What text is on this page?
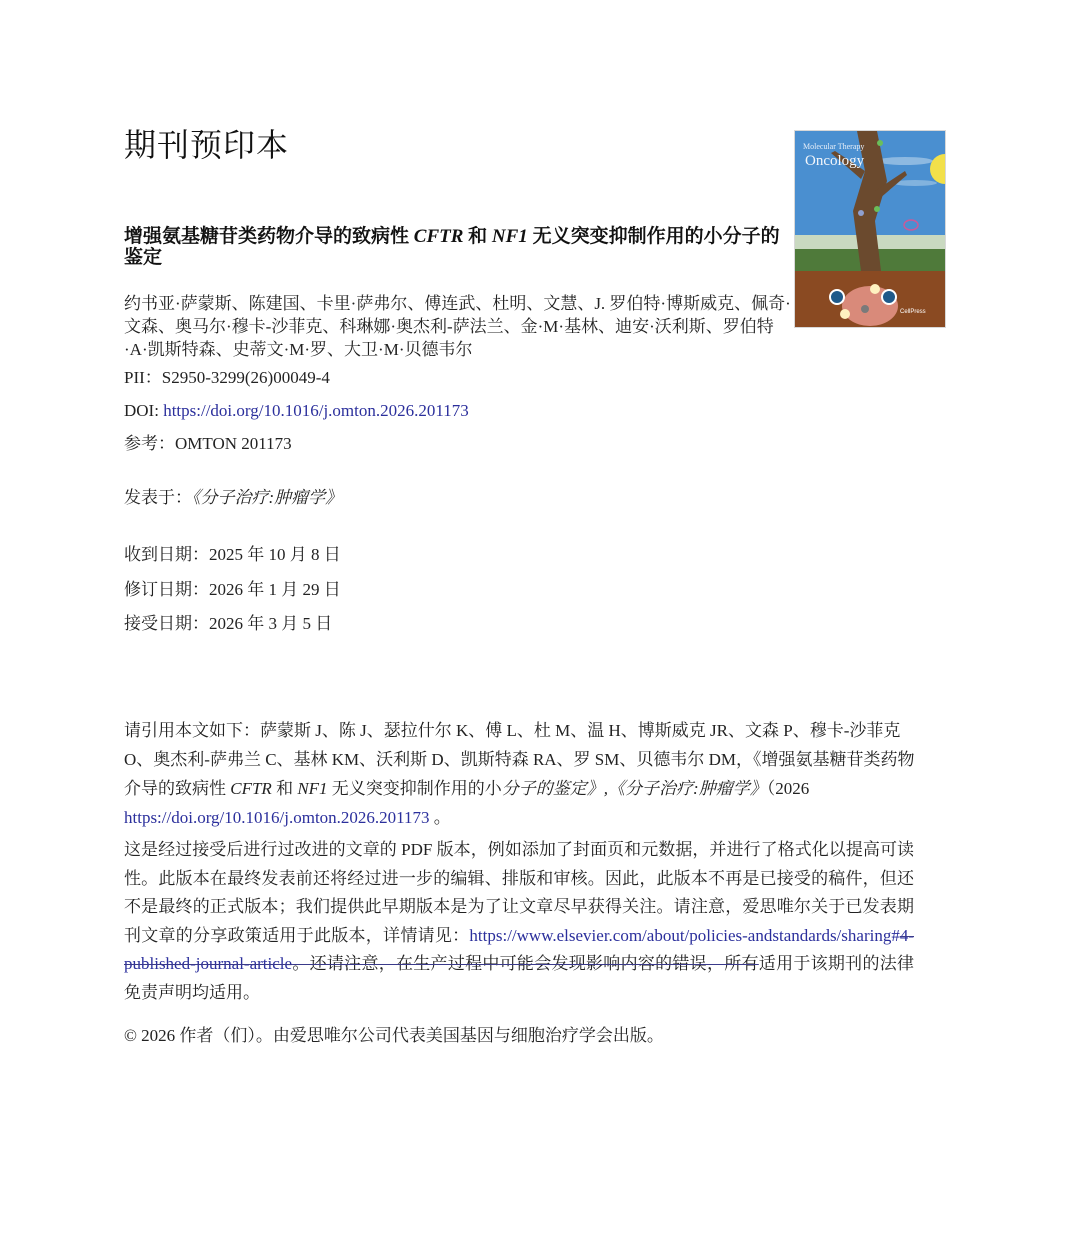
期刊预印本	Molecular Therapy
Oncology
CellPress
增强氨基糖苷类药物介导的致病性 CFTR 和 NF1 无义突变抑制作用的小分子的鉴定
约书亚·萨蒙斯、陈建国、卡里·萨弗尔、傅连武、杜明、文慧、J. 罗伯特·博斯威克、佩奇·文森、奥马尔·穆卡-沙菲克、科琳娜·奥杰利-萨法兰、金·M·基林、迪安·沃利斯、罗伯特·A·凯斯特森、史蒂文·M·罗、大卫·M·贝德韦尔
PII：S2950-3299(26)00049-4
DOI: https://doi.org/10.1016/j.omton.2026.201173
参考：OMTON 201173
发表于：《分子治疗:肿瘤学》
收到日期：2025 年 10 月 8 日
修订日期：2026 年 1 月 29 日
接受日期：2026 年 3 月 5 日
请引用本文如下：萨蒙斯 J、陈 J、瑟拉什尔 K、傅 L、杜 M、温 H、博斯威克 JR、文森 P、穆卡-沙菲克 O、奥杰利-萨弗兰 C、基林 KM、沃利斯 D、凯斯特森 RA、罗 SM、贝德韦尔 DM，《增强氨基糖苷类药物介导的致病性 CFTR 和 NF1 无义突变抑制作用的小分子的鉴定》,《分子治疗:肿瘤学》（2026 https://doi.org/10.1016/j.omton.2026.201173 。
这是经过接受后进行过改进的文章的 PDF 版本，例如添加了封面页和元数据，并进行了格式化以提高可读性。此版本在最终发表前还将经过进一步的编辑、排版和审核。因此，此版本不再是已接受的稿件，但还不是最终的正式版本；我们提供此早期版本是为了让文章尽早获得关注。请注意，爱思唯尔关于已发表期刊文章的分享政策适用于此版本，详情请见：https://www.elsevier.com/about/policies-andstandards/sharing#4-published-journal-article。还请注意，在生产过程中可能会发现影响内容的错误，所有适用于该期刊的法律免责声明均适用。
© 2026 作者（们）。由爱思唯尔公司代表美国基因与细胞治疗学会出版。
